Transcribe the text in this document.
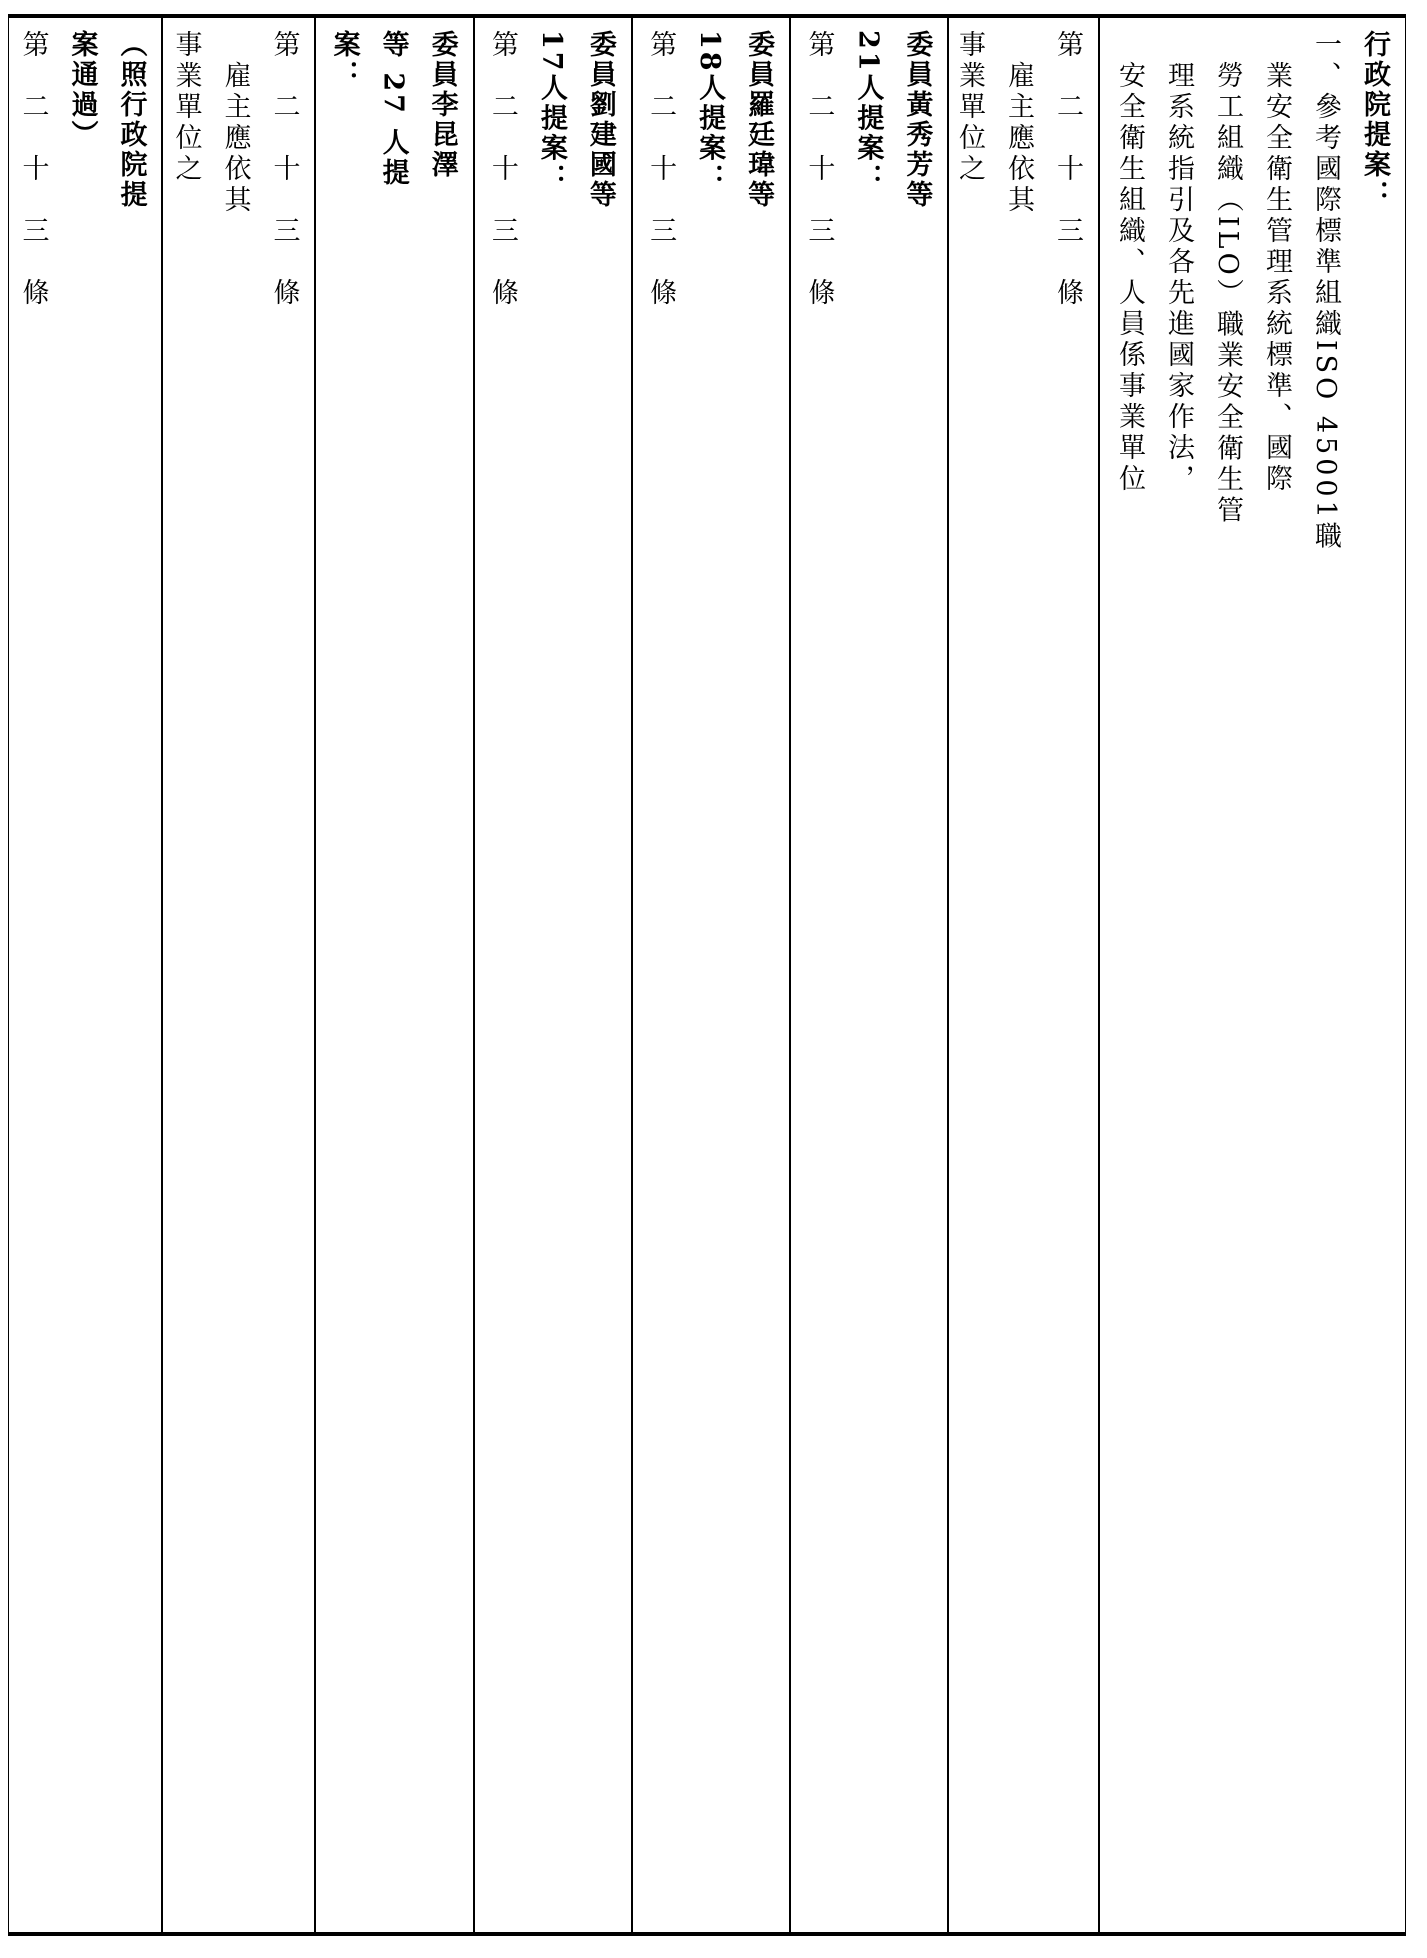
行政院提案：
一、參考國際標準組織ISO 45001職
　業安全衛生管理系統標準、國際
　勞工組織（ILO）職業安全衛生管
　理系統指引及各先進國家作法，
　安全衛生組織、人員係事業單位
第　二　十　三　條
　雇主應依其
事業單位之
委員黃秀芳等
21人提案：
第　二　十　三　條
委員羅廷瑋等
18人提案：
第　二　十　三　條
委員劉建國等
17人提案：
第　二　十　三　條
委員李昆澤
等 27 人提
案：
第　二　十　三　條
　雇主應依其
事業單位之
（照行政院提
案通過）
第　二　十　三　條
